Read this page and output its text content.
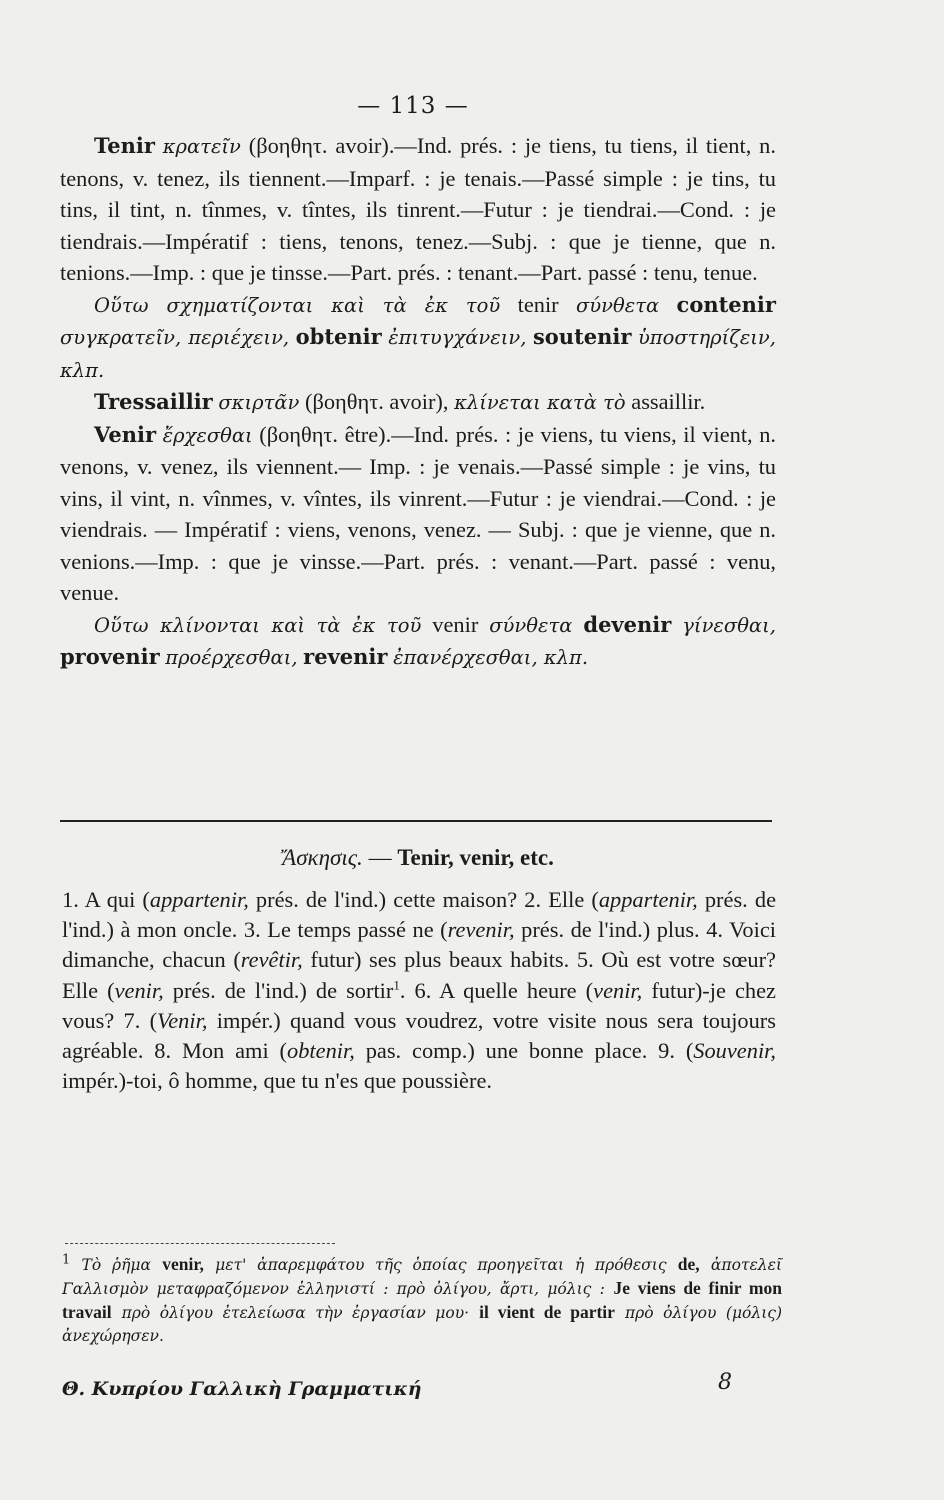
— 113 —

Tenir κρατεῖν (βοηθητ. avoir).—Ind. prés. : je tiens, tu tiens, il tient, n. tenons, v. tenez, ils tiennent.—Imparf. : je tenais.—Passé simple : je tins, tu tins, il tint, n. tînmes, v. tîntes, ils tinrent.—Futur : je tiendrai.—Cond. : je tiendrais.—Impératif : tiens, tenons, tenez.—Subj. : que je tienne, que n. tenions.—Imp. : que je tinsse.—Part. prés. : tenant.—Part. passé : tenu, tenue.

Οὕτω σχηματίζονται καὶ τὰ ἐκ τοῦ tenir σύνθετα contenir συγκρατεῖν, περιέχειν, obtenir ἐπιτυγχάνειν, soutenir ὑποστηρίζειν, κλπ.

Tressaillir σκιρτᾶν (βοηθητ. avoir), κλίνεται κατὰ τὸ assaillir.

Venir ἔρχεσθαι (βοηθητ. être).—Ind. prés. : je viens, tu viens, il vient, n. venons, v. venez, ils viennent.— Imp. : je venais.—Passé simple : je vins, tu vins, il vint, n. vînmes, v. vîntes, ils vinrent.—Futur : je viendrai.—Cond. : je viendrais. — Impératif : viens, venons, venez. — Subj. : que je vienne, que n. venions.—Imp. : que je vinsse.—Part. prés. : venant.—Part. passé : venu, venue.

Οὕτω κλίνονται καὶ τὰ ἐκ τοῦ venir σύνθετα devenir γίνεσθαι, provenir προέρχεσθαι, revenir ἐπανέρχεσθαι, κλπ.

Ἄσκησις. — Tenir, venir, etc.
1. A qui (appartenir, prés. de l'ind.) cette maison? 2. Elle (appartenir, prés. de l'ind.) à mon oncle. 3. Le temps passé ne (revenir, prés. de l'ind.) plus. 4. Voici dimanche, chacun (revêtir, futur) ses plus beaux habits. 5. Où est votre sœur? Elle (venir, prés. de l'ind.) de sortir$^1$. 6. A quelle heure (venir, futur)-je chez vous? 7. (Venir, impér.) quand vous voudrez, votre visite nous sera toujours agréable. 8. Mon ami (obtenir, pas. comp.) une bonne place. 9. (Souvenir, impér.)-toi, ô homme, que tu n'es que poussière.
$^1$ Τὸ ῥῆμα venir, μετ' ἀπαρεμφάτου τῆς ὁποίας προηγεῖται ἡ πρόθεσις de, ἀποτελεῖ Γαλλισμὸν μεταφραζόμενον ἑλληνιστί : πρὸ ὀλίγου, ἄρτι, μόλις : Je viens de finir mon travail πρὸ ὀλίγου ἐτελείωσα τὴν ἐργασίαν μου· il vient de partir πρὸ ὀλίγου (μόλις) ἀνεχώρησεν.
Θ. Κυπρίου Γαλλικὴ Γραμματική	8
